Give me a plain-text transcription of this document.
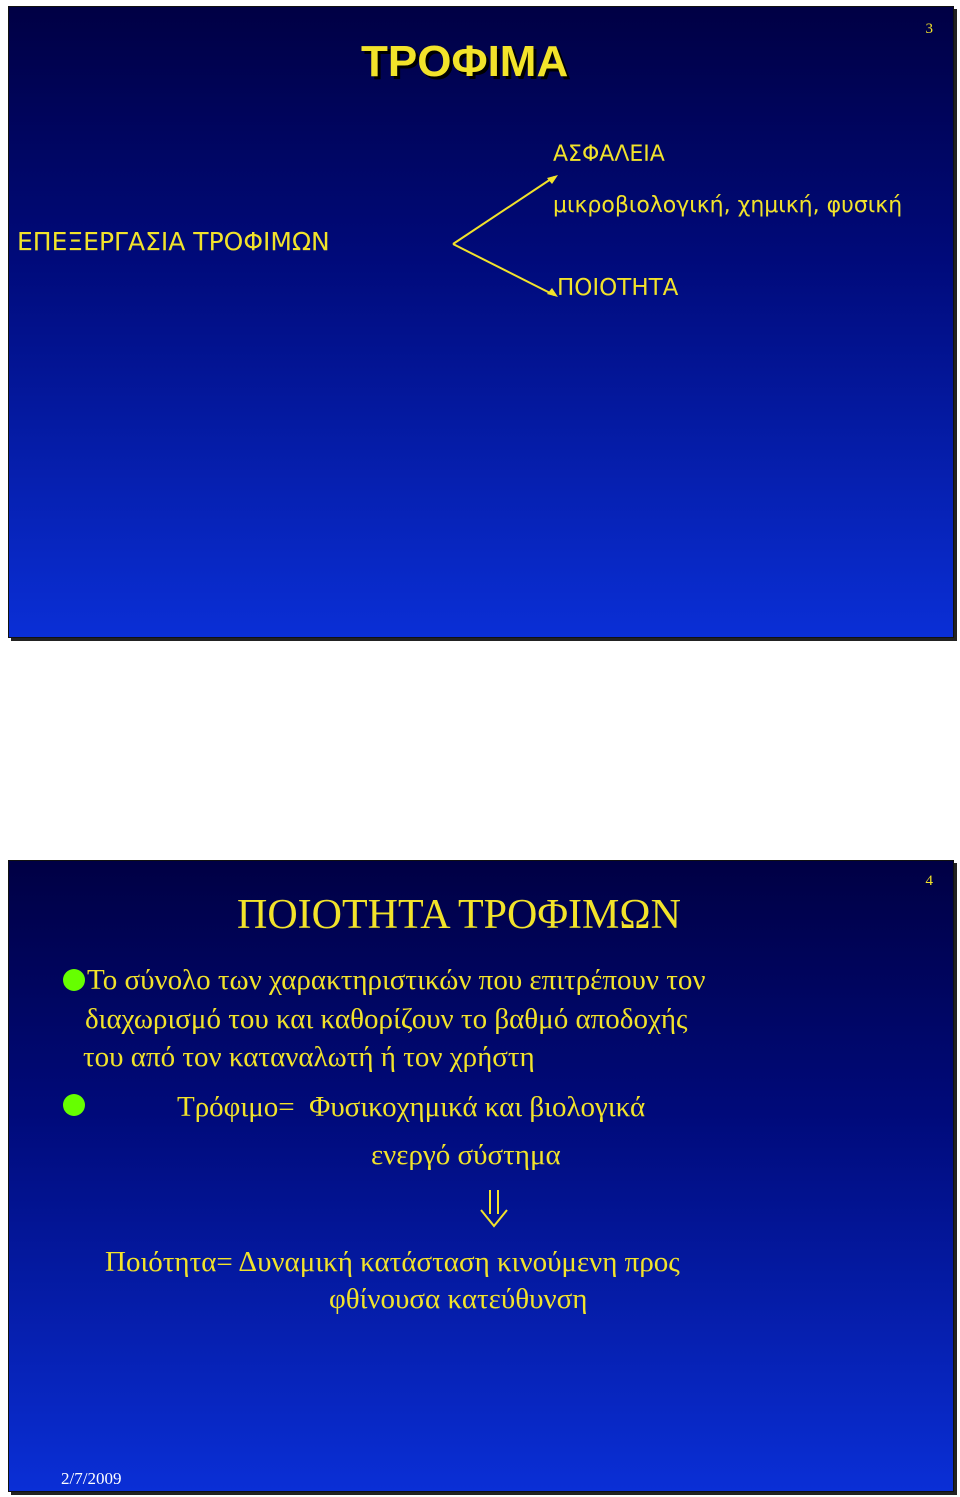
3
ΤΡΟΦΙΜΑ
ΕΠΕΞΕΡΓΑΣΙΑ ΤΡΟΦΙΜΩΝ
ΑΣΦΑΛΕΙΑ
μικροβιολογική, χημική, φυσική
ΠΟΙΟΤΗΤΑ
4
ΠΟΙΟΤΗΤΑ ΤΡΟΦΙΜΩΝ
Το σύνολο των χαρακτηριστικών που επιτρέπουν τον
διαχωρισμό του και καθορίζουν το βαθμό αποδοχής
του από τον καταναλωτή ή τον χρήστη
Τρόφιμο=  Φυσικοχημικά και βιολογικά
ενεργό σύστημα
Ποιότητα= Δυναμική κατάσταση κινούμενη προς
φθίνουσα κατεύθυνση
2/7/2009
